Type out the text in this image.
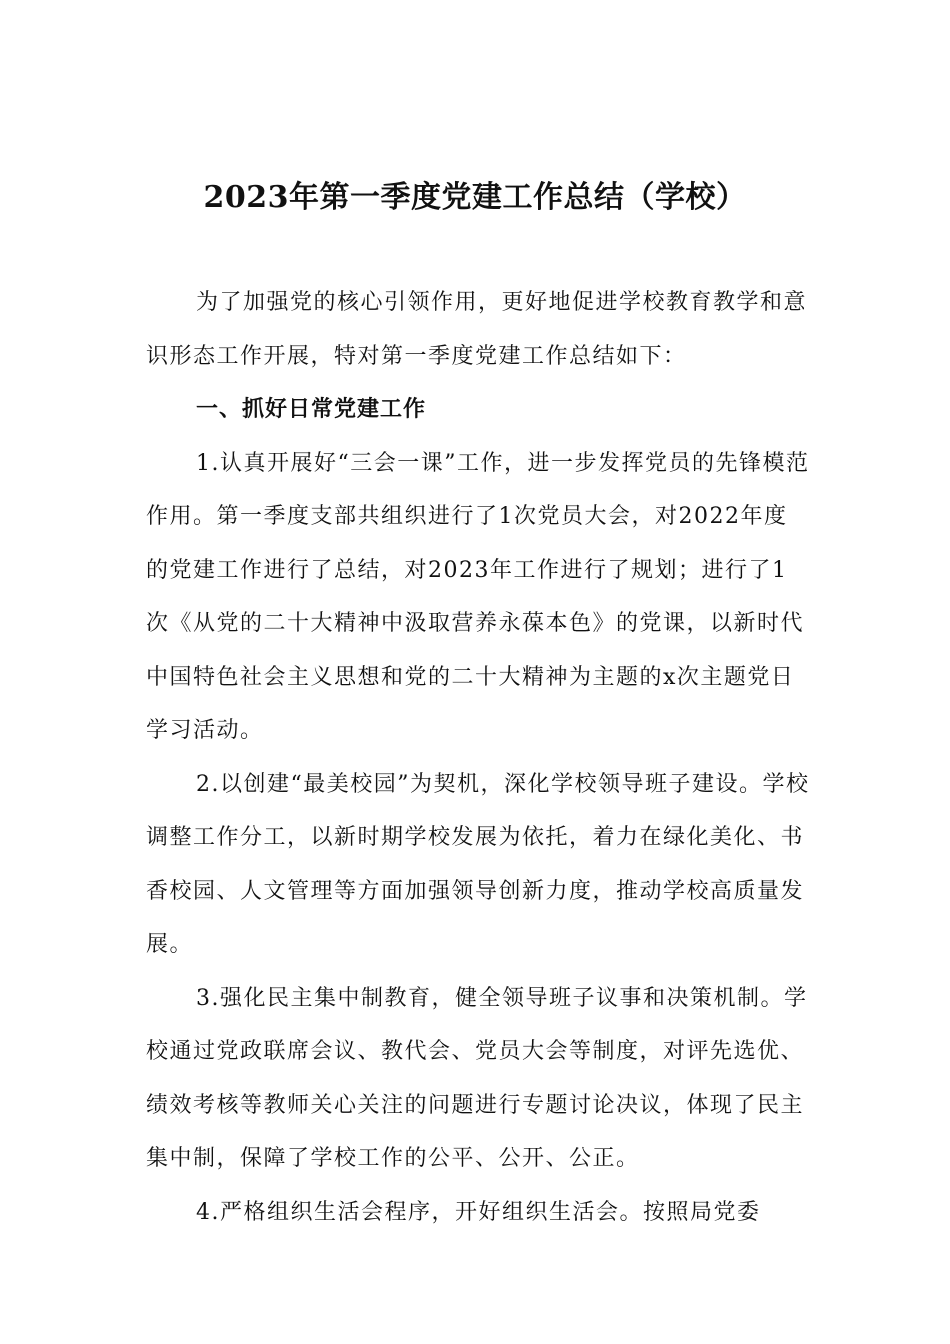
2023年第一季度党建工作总结（学校）

为了加强党的核心引领作用，更好地促进学校教育教学和意识形态工作开展，特对第一季度党建工作总结如下：

一、抓好日常党建工作

1.认真开展好“三会一课”工作，进一步发挥党员的先锋模范作用。第一季度支部共组织进行了1次党员大会，对2022年度的党建工作进行了总结，对2023年工作进行了规划；进行了1次《从党的二十大精神中汲取营养永葆本色》的党课，以新时代中国特色社会主义思想和党的二十大精神为主题的x次主题党日学习活动。

2.以创建“最美校园”为契机，深化学校领导班子建设。学校调整工作分工，以新时期学校发展为依托，着力在绿化美化、书香校园、人文管理等方面加强领导创新力度，推动学校高质量发展。

3.强化民主集中制教育，健全领导班子议事和决策机制。学校通过党政联席会议、教代会、党员大会等制度，对评先选优、绩效考核等教师关心关注的问题进行专题讨论决议，体现了民主集中制，保障了学校工作的公平、公开、公正。

4.严格组织生活会程序，开好组织生活会。按照局党委
